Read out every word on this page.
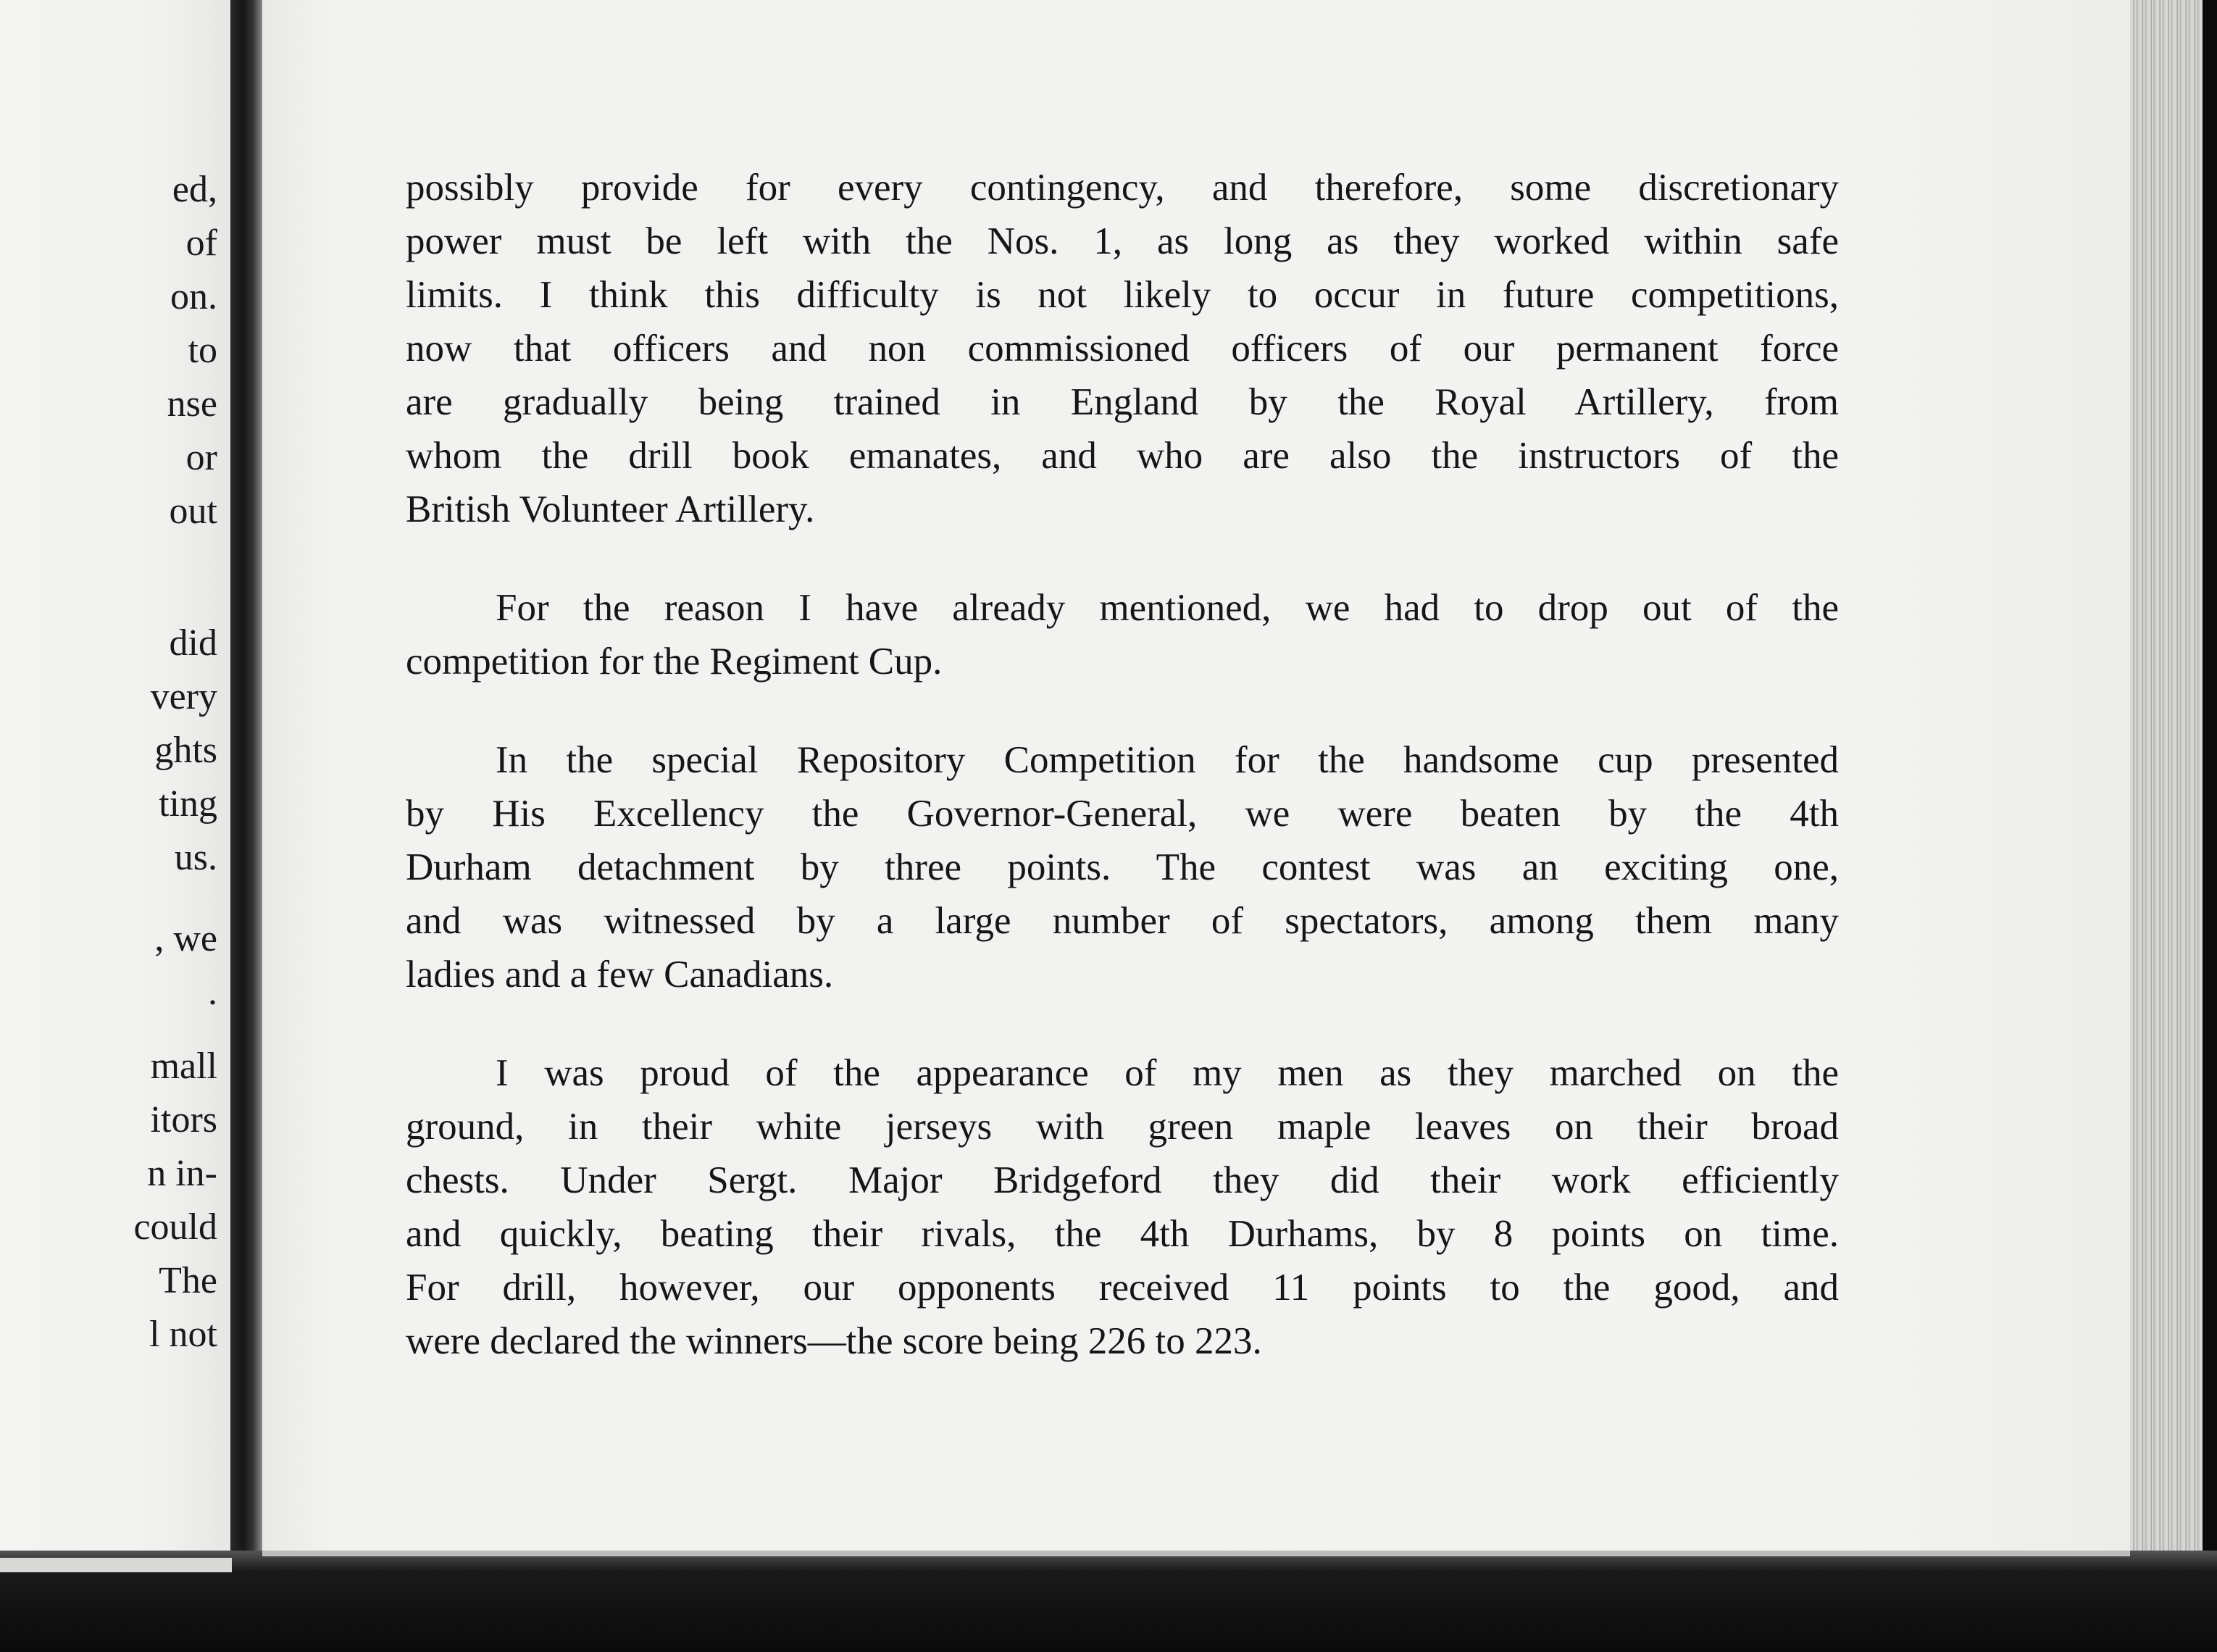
ed,
of
on.
to
nse
or
out
did
very
ghts
ting
us.
, we
.
mall
itors
n in-
could
The
l not
possibly provide for every contingency, and therefore, some discretionary
power must be left with the Nos. 1, as long as they worked within safe
limits. I think this difficulty is not likely to occur in future competitions,
now that officers and non commissioned officers of our permanent force
are gradually being trained in England by the Royal Artillery, from
whom the drill book emanates, and who are also the instructors of the
British Volunteer Artillery.
For the reason I have already mentioned, we had to drop out of the
competition for the Regiment Cup.
In the special Repository Competition for the handsome cup presented
by His Excellency the Governor-General, we were beaten by the 4th
Durham detachment by three points. The contest was an exciting one,
and was witnessed by a large number of spectators, among them many
ladies and a few Canadians.
I was proud of the appearance of my men as they marched on the
ground, in their white jerseys with green maple leaves on their broad
chests. Under Sergt. Major Bridgeford they did their work efficiently
and quickly, beating their rivals, the 4th Durhams, by 8 points on time.
For drill, however, our opponents received 11 points to the good, and
were declared the winners—the score being 226 to 223.
